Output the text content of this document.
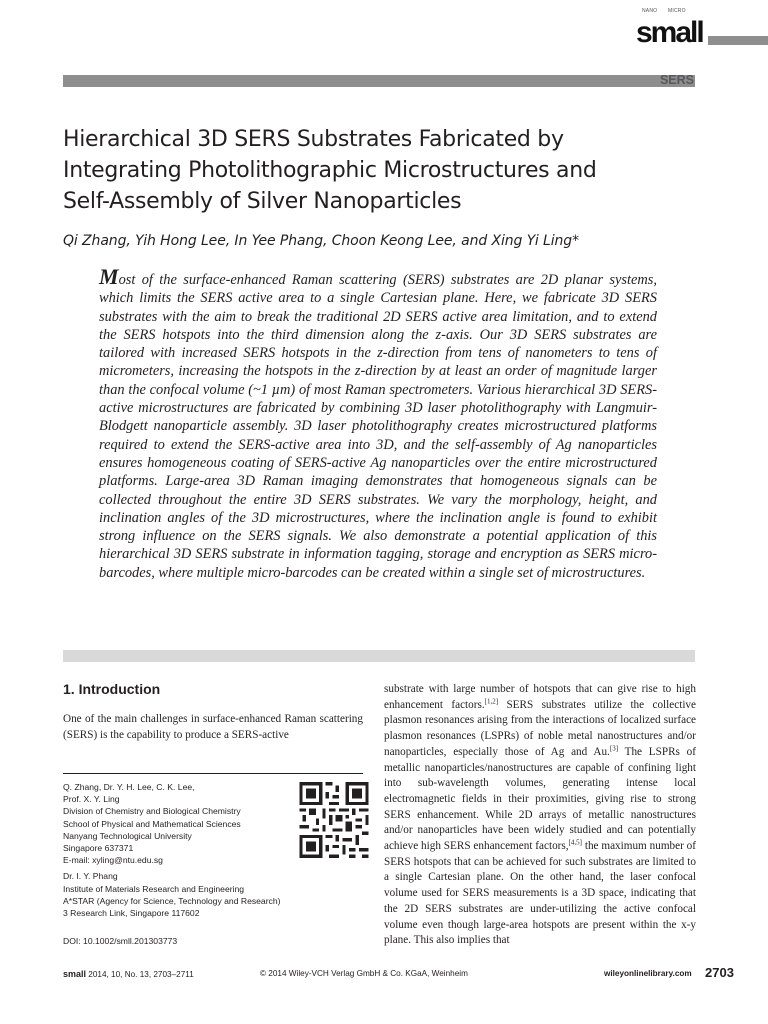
NANO MICRO
small
SERS
Hierarchical 3D SERS Substrates Fabricated by
Integrating Photolithographic Microstructures and
Self-Assembly of Silver Nanoparticles
Qi Zhang, Yih Hong Lee, In Yee Phang, Choon Keong Lee, and Xing Yi Ling*
Most of the surface-enhanced Raman scattering (SERS) substrates are 2D planar systems, which limits the SERS active area to a single Cartesian plane. Here, we fabricate 3D SERS substrates with the aim to break the traditional 2D SERS active area limitation, and to extend the SERS hotspots into the third dimension along the z-axis. Our 3D SERS substrates are tailored with increased SERS hotspots in the z-direction from tens of nanometers to tens of micrometers, increasing the hotspots in the z-direction by at least an order of magnitude larger than the confocal volume (~1 µm) of most Raman spectrometers. Various hierarchical 3D SERS-active microstructures are fabricated by combining 3D laser photolithography with Langmuir-Blodgett nanoparticle assembly. 3D laser photolithography creates microstructured platforms required to extend the SERS-active area into 3D, and the self-assembly of Ag nanoparticles ensures homogeneous coating of SERS-active Ag nanoparticles over the entire microstructured platforms. Large-area 3D Raman imaging demonstrates that homogeneous signals can be collected throughout the entire 3D SERS substrates. We vary the morphology, height, and inclination angles of the 3D microstructures, where the inclination angle is found to exhibit strong influence on the SERS signals. We also demonstrate a potential application of this hierarchical 3D SERS substrate in information tagging, storage and encryption as SERS micro-barcodes, where multiple micro-barcodes can be created within a single set of microstructures.
1. Introduction
One of the main challenges in surface-enhanced Raman scattering (SERS) is the capability to produce a SERS-active
substrate with large number of hotspots that can give rise to high enhancement factors.[1,2] SERS substrates utilize the collective plasmon resonances arising from the interactions of localized surface plasmon resonances (LSPRs) of noble metal nanostructures and/or nanoparticles, especially those of Ag and Au.[3] The LSPRs of metallic nanoparticles/nanostructures are capable of confining light into sub-wavelength volumes, generating intense local electromagnetic fields in their proximities, giving rise to strong SERS enhancement. While 2D arrays of metallic nanostructures and/or nanoparticles have been widely studied and can potentially achieve high SERS enhancement factors,[4,5] the maximum number of SERS hotspots that can be achieved for such substrates are limited to a single Cartesian plane. On the other hand, the laser confocal volume used for SERS measurements is a 3D space, indicating that the 2D SERS substrates are under-utilizing the active confocal volume even though large-area hotspots are present within the x-y plane. This also implies that
Q. Zhang, Dr. Y. H. Lee, C. K. Lee,
Prof. X. Y. Ling
Division of Chemistry and Biological Chemistry
School of Physical and Mathematical Sciences
Nanyang Technological University
Singapore 637371
E-mail: xyling@ntu.edu.sg
Dr. I. Y. Phang
Institute of Materials Research and Engineering
A*STAR (Agency for Science, Technology and Research)
3 Research Link, Singapore 117602
DOI: 10.1002/smll.201303773
small 2014, 10, No. 13, 2703–2711	© 2014 Wiley-VCH Verlag GmbH & Co. KGaA, Weinheim	wileyonlinelibrary.com 2703
